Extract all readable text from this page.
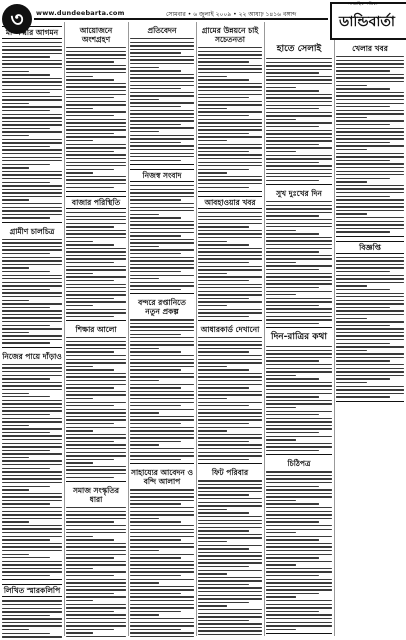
৩	www.dundeebarta.com	সোমবার • ৬ জুলাই ২০০৯ • ২২ আষাঢ় ১৪১৬ বঙ্গাব্দ
সাপ্তাহিক পত্রিকা
ডান্ডিবার্তা
মা লক্ষ্মীর আগমন
গ্রামীণ চালচিত্র
নিজের পায়ে দাঁড়াও
লিখিত স্মারকলিপি
আয়োজনে অংশগ্রহণ
বাজার পরিস্থিতি
শিক্ষার আলো
সমাজ সংস্কৃতির ধারা
প্রতিবেদন
নিজস্ব সংবাদ
বন্দরে রপ্তানিতে নতুন প্রকল্প
সাহায্যের আবেদন ও বন্দি আলাপ
গ্রামের উন্নয়নে চাই সচেতনতা
আবহাওয়ার খবর
আধারকার্ড দেখানো
ফিট পরিবার
হাতে সেলাই
সুখ দুঃখের দিন
দিন-রাত্রির কথা
চিঠিপত্র
খেলার খবর
বিজ্ঞপ্তি
